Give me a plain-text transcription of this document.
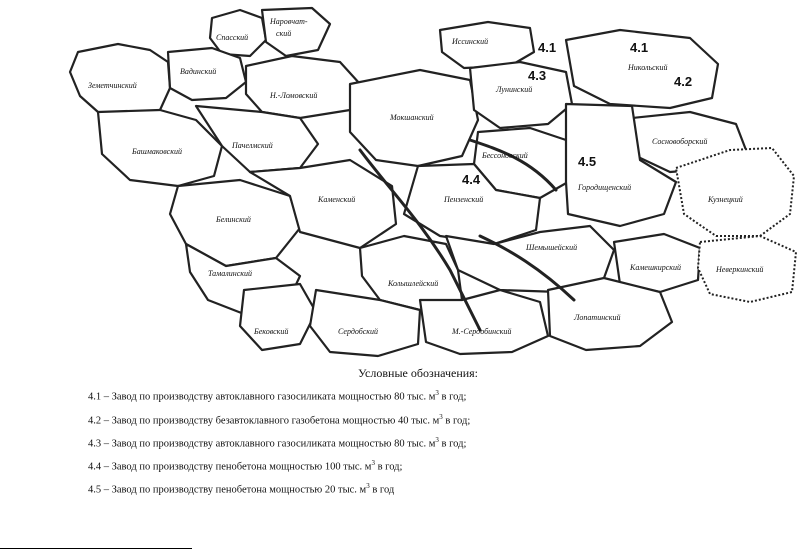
Земетчинский
Спасский
Вадинский
Наровчат-
ский
Н.-Ломовский
Башмаковский
Пачелмский
Белинский
Каменский
Мокшанский
Иссинский
Лунинский
Никольский
Бессоновский
Пензенский
Сосновоборский
Городищенский
Кузнецкий
Шемышейский
Тамалинский
Колышлейский
Камешкирский	Неверкинский
Бековский	Сердобский	М.-Сердобинский
Лопатинский
4.1	4.1
4.2
4.3
4.4
4.5
Условные обозначения:
4.1 – Завод по производству автоклавного газосиликата мощностью 80 тыс. $м^3$ в год;
4.2 – Завод по производству безавтоклавного газобетона мощностью 40 тыс. $м^3$ в год;
4.3 – Завод по производству автоклавного газосиликата мощностью 80 тыс. $м^3$ в год;
4.4 – Завод по производству пенобетона мощностью 100 тыс. $м^3$ в год;
4.5 – Завод по производству пенобетона мощностью 20 тыс. $м^3$ в год
